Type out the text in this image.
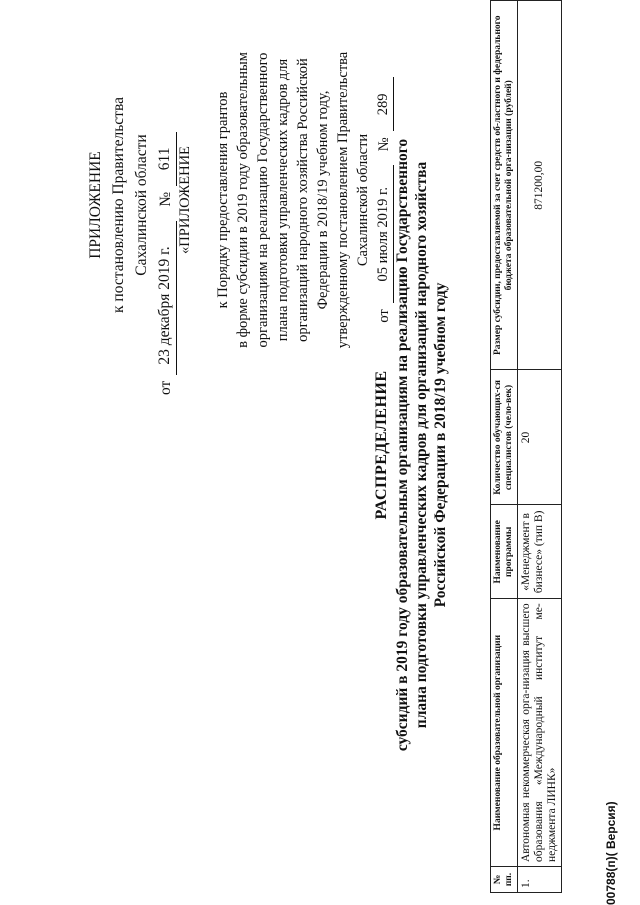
ПРИЛОЖЕНИЕ к постановлению Правительства Сахалинской области
от
23 декабря 2019 г.
№
611 «ПРИЛОЖЕНИЕ к Порядку предоставления грантов в форме субсидии в 2019 году образовательным организациям на реализацию Государственного плана подготовки управленческих кадров для организаций народного хозяйства Российской Федерации в 2018/19 учебном году, утвержденному постановлением Правительства Сахалинской области
от
05 июля 2019 г.
№
289
РАСПРЕДЕЛЕНИЕ субсидий в 2019 году образовательным организациям на реализацию Государственного плана подготовки управленческих кадров для организаций народного хозяйства Российской Федерации в 2018/19 учебном году
№ пп.	Наименование образовательной организации	Наименование программы	Количество обучающих-ся специалистов (чело-век)	Размер субсидии, предоставляемой за счет средств об-ластного и федерального бюджета образовательной орга-низации (рублей)
1.	Автономная некоммерческая орга-низация высшего образования «Международный институт ме-неджмента ЛИНК»	«Менеджмент в бизнесе» (тип В)	20	871200,00
00788(п)( Версия)
